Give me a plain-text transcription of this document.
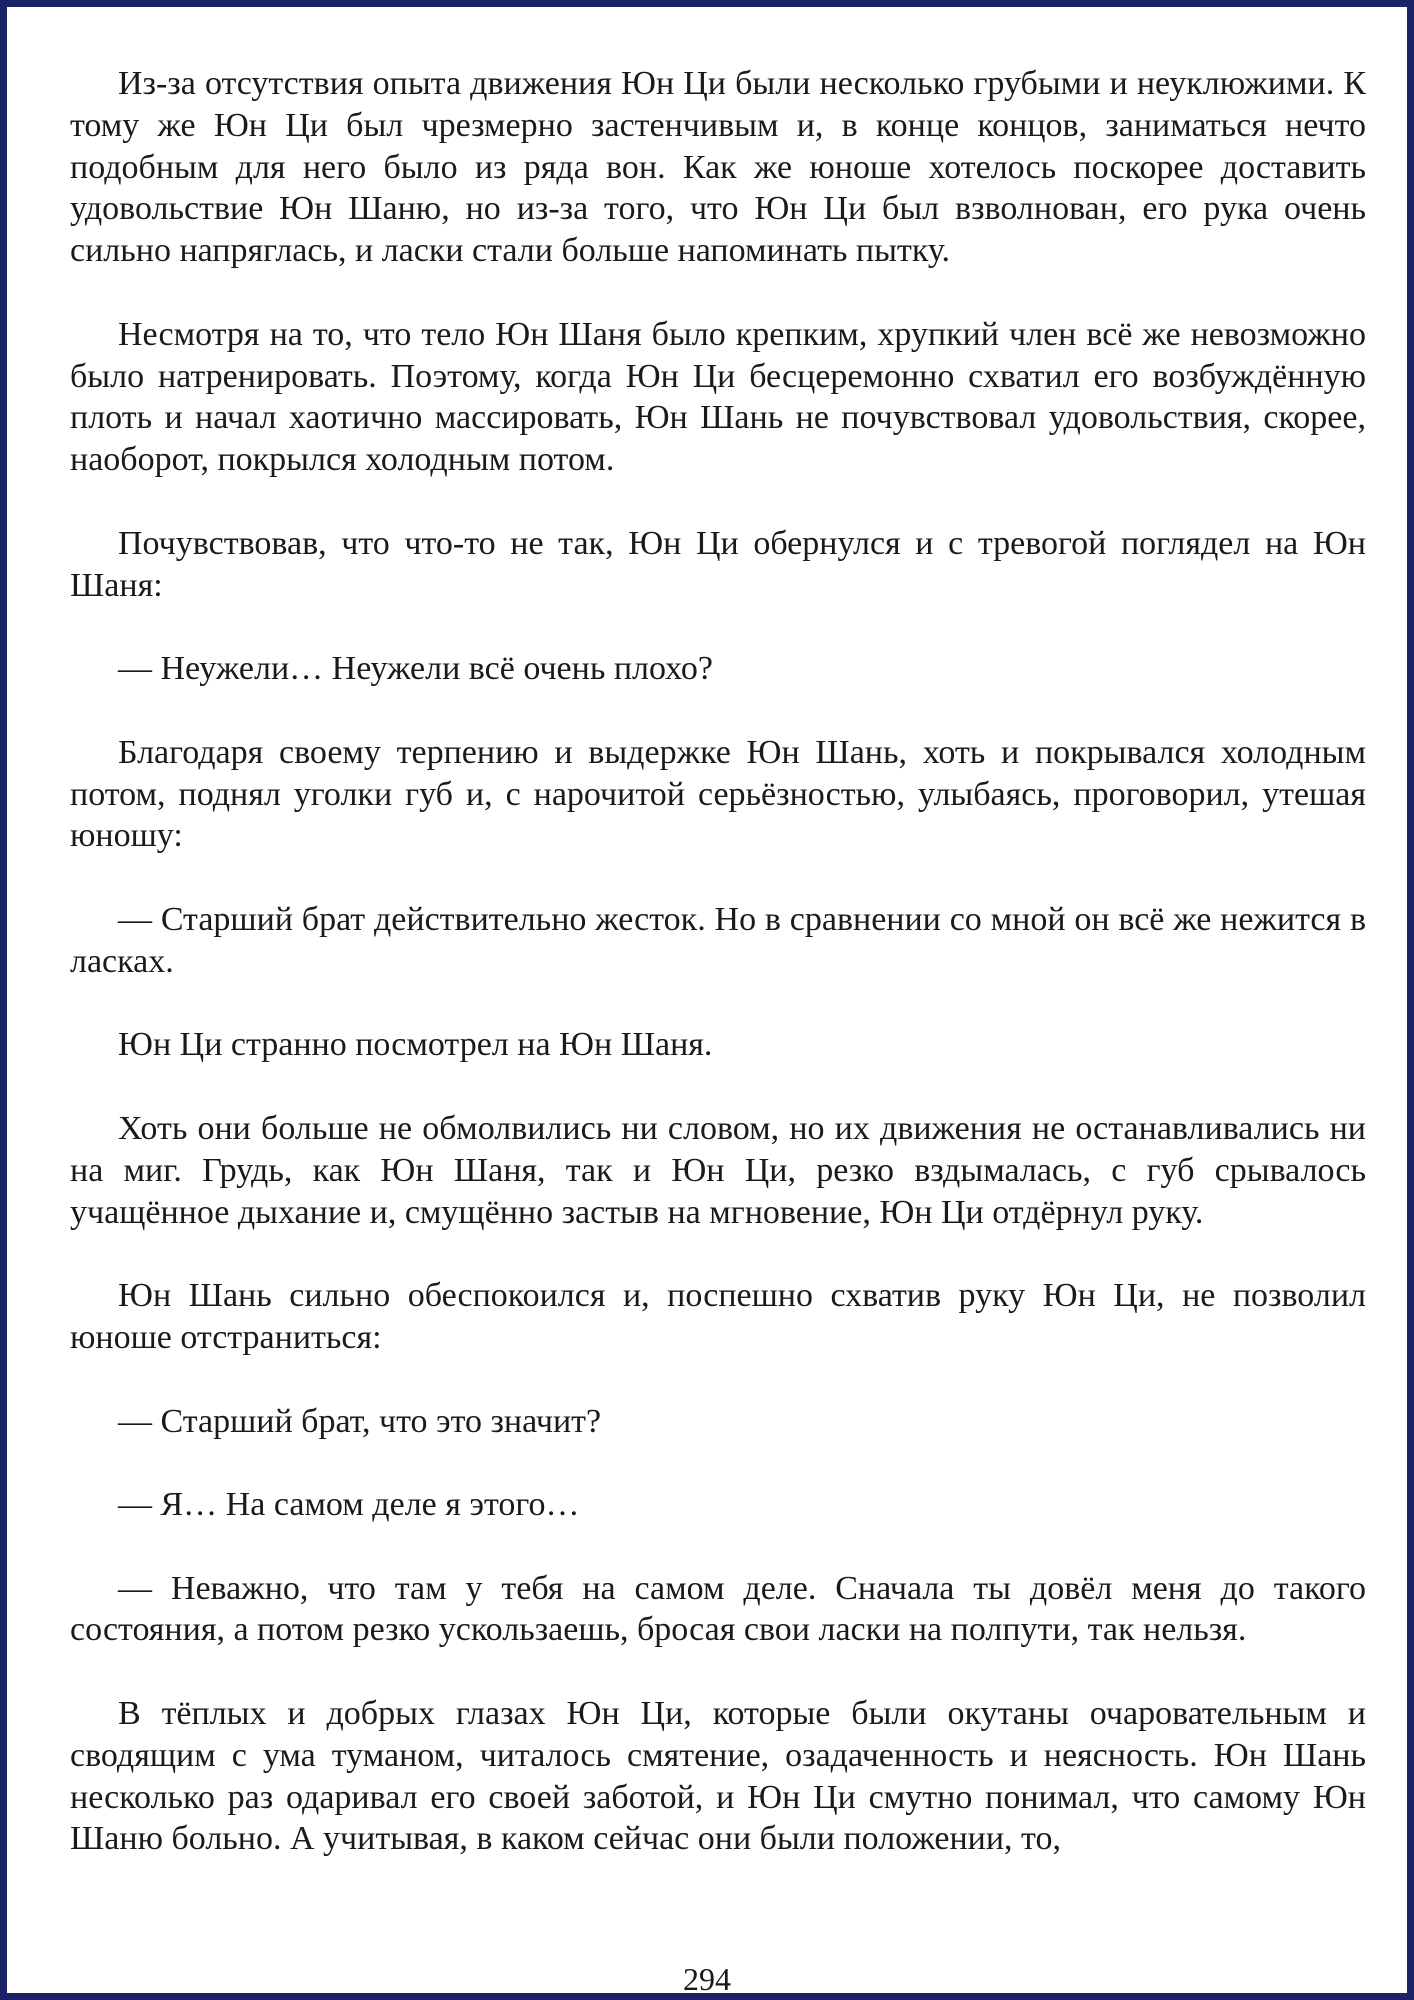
Из-за отсутствия опыта движения Юн Ци были несколько грубыми и неуклюжими. К тому же Юн Ци был чрезмерно застенчивым и, в конце концов, заниматься нечто подобным для него было из ряда вон. Как же юноше хотелось поскорее доставить удовольствие Юн Шаню, но из-за того, что Юн Ци был взволнован, его рука очень сильно напряглась, и ласки стали больше напоминать пытку.

Несмотря на то, что тело Юн Шаня было крепким, хрупкий член всё же невозможно было натренировать. Поэтому, когда Юн Ци бесцеремонно схватил его возбуждённую плоть и начал хаотично массировать, Юн Шань не почувствовал удовольствия, скорее, наоборот, покрылся холодным потом.

Почувствовав, что что-то не так, Юн Ци обернулся и с тревогой поглядел на Юн Шаня:

— Неужели… Неужели всё очень плохо?

Благодаря своему терпению и выдержке Юн Шань, хоть и покрывался холодным потом, поднял уголки губ и, с нарочитой серьёзностью, улыбаясь, проговорил, утешая юношу:

— Старший брат действительно жесток. Но в сравнении со мной он всё же нежится в ласках.

Юн Ци странно посмотрел на Юн Шаня.

Хоть они больше не обмолвились ни словом, но их движения не останавливались ни на миг. Грудь, как Юн Шаня, так и Юн Ци, резко вздымалась, с губ срывалось учащённое дыхание и, смущённо застыв на мгновение, Юн Ци отдёрнул руку.

Юн Шань сильно обеспокоился и, поспешно схватив руку Юн Ци, не позволил юноше отстраниться:

— Старший брат, что это значит?

— Я… На самом деле я этого…

— Неважно, что там у тебя на самом деле. Сначала ты довёл меня до такого состояния, а потом резко ускользаешь, бросая свои ласки на полпути, так нельзя.

В тёплых и добрых глазах Юн Ци, которые были окутаны очаровательным и сводящим с ума туманом, читалось смятение, озадаченность и неясность. Юн Шань несколько раз одаривал его своей заботой, и Юн Ци смутно понимал, что самому Юн Шаню больно. А учитывая, в каком сейчас они были положении, то,

294
